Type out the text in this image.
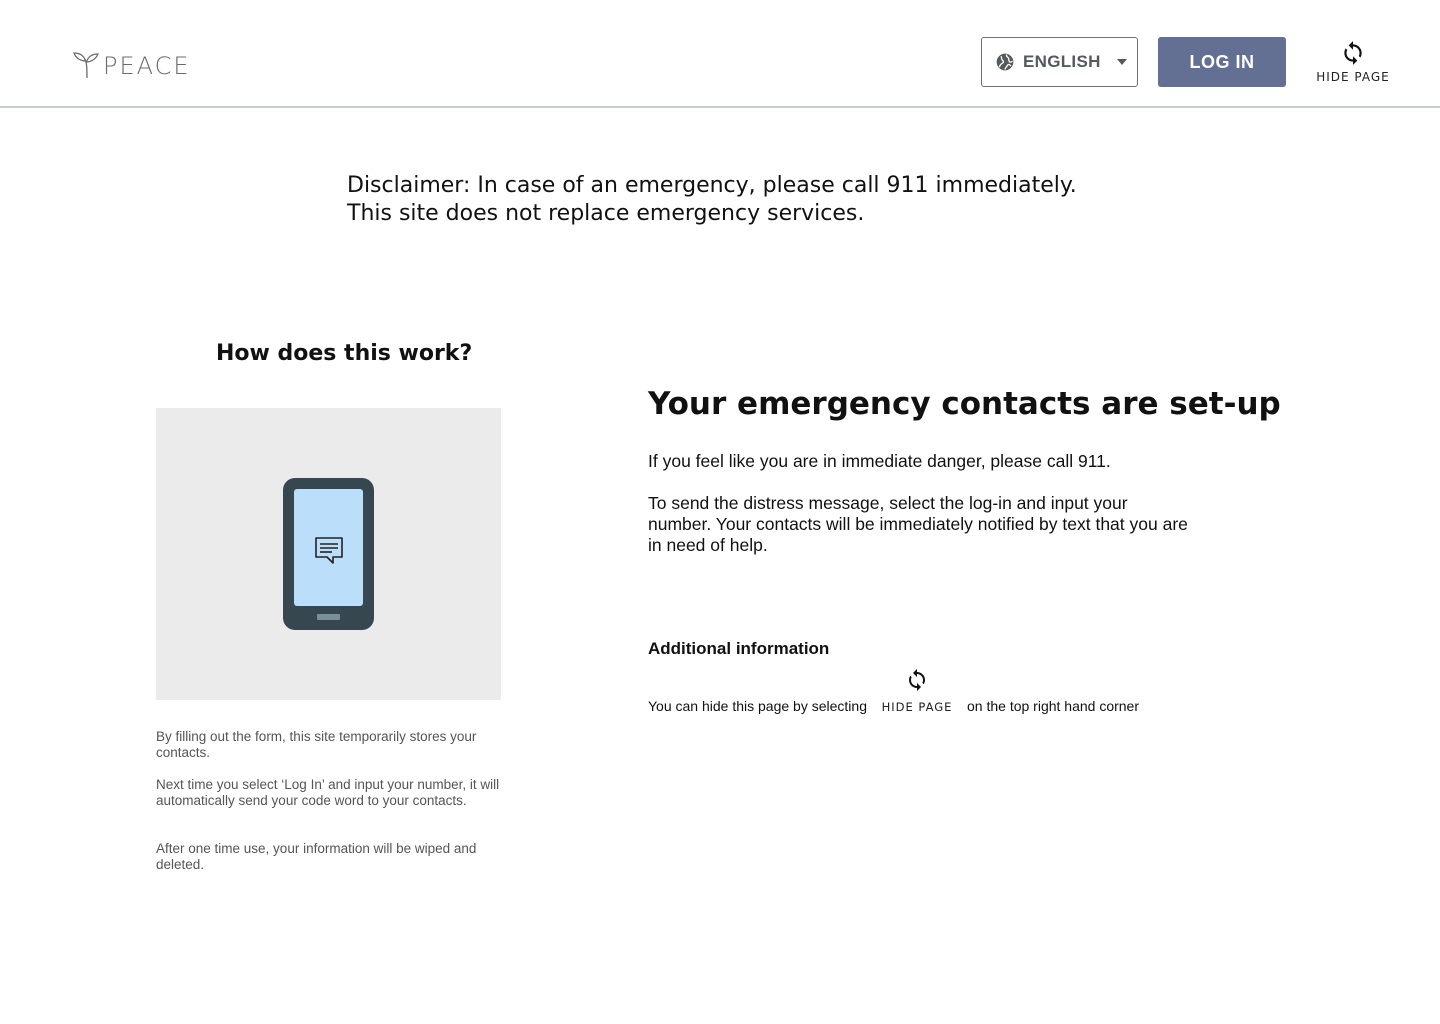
PEACE	ENGLISH	LOG IN
HIDE PAGE
Disclaimer: In case of an emergency, please call 911 immediately.
This site does not replace emergency services.
How does this work?

By filling out the form, this site temporarily stores your contacts.

Next time you select ‘Log In’ and input your number, it will automatically send your code word to your contacts.

After one time use, your information will be wiped and deleted.

Your emergency contacts are set-up

If you feel like you are in immediate danger, please call 911.

To send the distress message, select the log-in and input your number. Your contacts will be immediately notified by text that you are in need of help.

Additional information
You can hide this page by selecting HIDE PAGE on the top right hand corner
